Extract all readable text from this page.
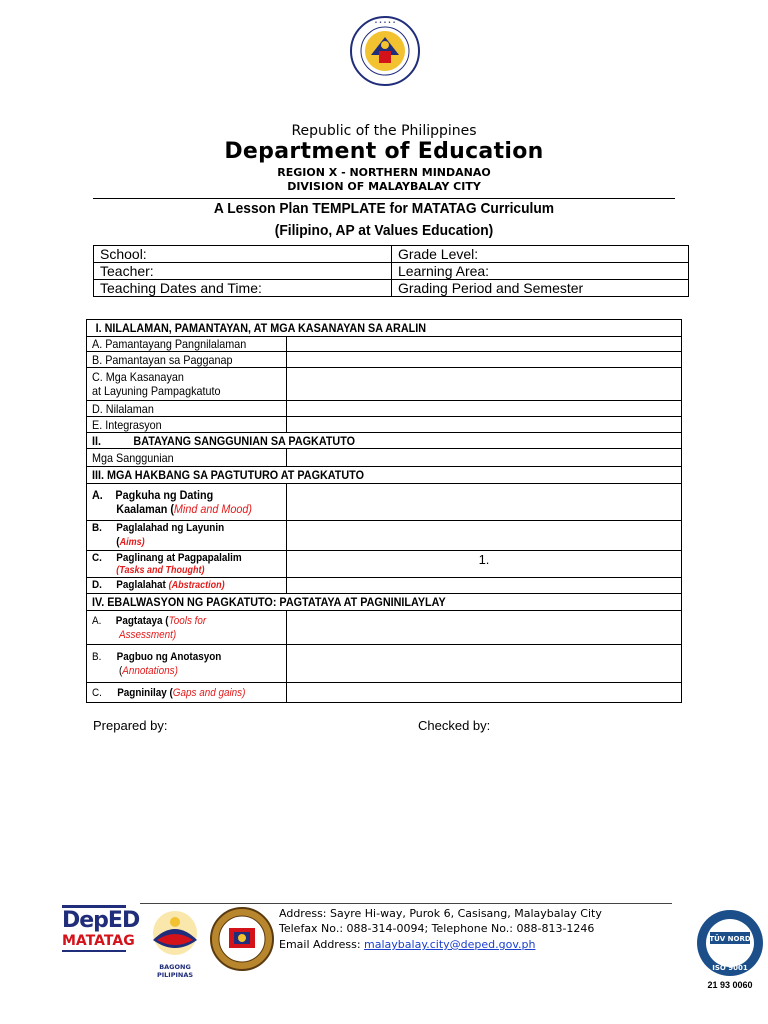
• • • • •
Republic of the Philippines
Department of Education
REGION X - NORTHERN MINDANAO
DIVISION OF MALAYBALAY CITY
A Lesson Plan TEMPLATE for MATATAG Curriculum
(Filipino, AP at Values Education)
School:	Grade Level:
Teacher:	Learning Area:
Teaching Dates and Time:	Grading Period and Semester
I. NILALAMAN, PAMANTAYAN, AT MGA KASANAYAN SA ARALIN	
A. Pamantayang Pangnilalaman	
B. Pamantayan sa Pagganap	
C. Mga Kasanayan
at Layuning Pampagkatuto	
D. Nilalaman	
E. Integrasyon	
II. BATAYANG SANGGUNIAN SA PAGKATUTO	
Mga Sanggunian	
III. MGA HAKBANG SA PAGTUTURO AT PAGKATUTO	
A. Pagkuha ng Dating
Kaalaman (Mind and Mood)	
B. Paglalahad ng Layunin
(Aims)	
C. Paglinang at Pagpapalalim
(Tasks and Thought)	1.
D. Paglalahat (Abstraction)	
IV. EBALWASYON NG PAGKATUTO: PAGTATAYA AT PAGNINILAYLAY	
A. Pagtataya (Tools for
Assessment)	
B. Pagbuo ng Anotasyon
(Annotations)	
C. Pagninilay (Gaps and gains)	
Prepared by:	Checked by:
DepED
MATATAG
BAGONG PILIPINAS
Address: Sayre Hi-way, Purok 6, Casisang, Malaybalay City
Telefax No.: 088-314-0094; Telephone No.: 088-813-1246
Email Address: malaybalay.city@deped.gov.ph	TÜV NORD
ISO 9001
21 93 0060
